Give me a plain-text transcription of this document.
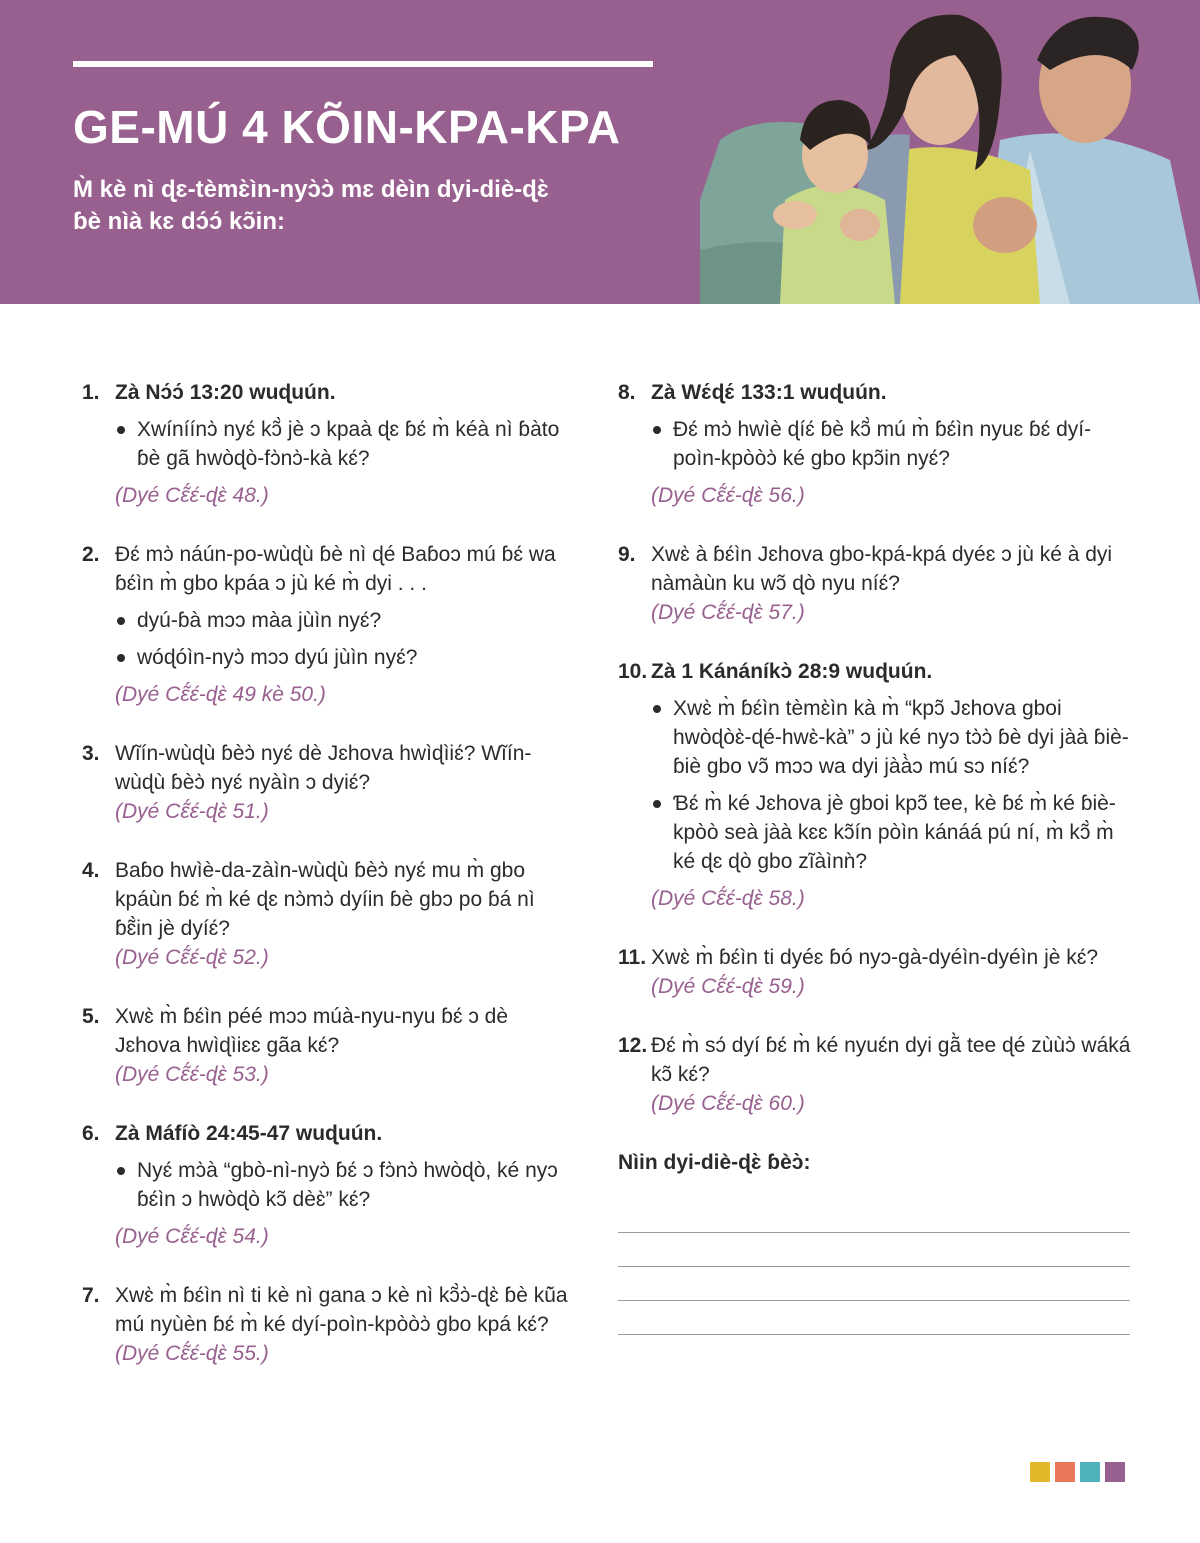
GE-MÚ 4 KÕIN-KPA-KPA

M̀ kè nì ɖɛ-tèmɛ̀ìn-nyɔ̀ɔ̀ mɛ dèìn dyi-diè-ɖɛ̀
ɓè nìà kɛ dɔ́ɔ́ kɔ̃in:

1. Zà Nɔ́ɔ́ 13:20 wuɖuún.

Xwíníínɔ̀ nyɛ́ kɔ̃̀ jè ɔ kpaà ɖɛ ɓɛ́ m̀ kéà nì ɓàto ɓè gã hwòɖò-fɔ̀nɔ̀-kà kɛ́?

(Dyé Cɛ̃́ɛ́-ɖɛ̀ 48.)

2. Ɖɛ́ mɔ̀ náún-po-wùɖù ɓè nì ɖé Baɓoɔ mú ɓɛ́ wa ɓɛ́ìn m̀ gbo kpáa ɔ jù ké m̀ dyi . . .

dyú-ɓà mɔɔ màa jùìn nyɛ́?
wóɖóìn-nyɔ̀ mɔɔ dyú jùìn nyɛ́?

(Dyé Cɛ̃́ɛ́-ɖɛ̀ 49 kè 50.)

3. Wĩín-wùɖù ɓèɔ̀ nyɛ́ dè Jɛhova hwìɖìiɛ́? Wĩín-wùɖù ɓèɔ̀ nyɛ́ nyàìn ɔ dyiɛ́?

(Dyé Cɛ̃́ɛ́-ɖɛ̀ 51.)

4. Baɓo hwìè-da-zàìn-wùɖù ɓèɔ̀ nyɛ́ mu m̀ gbo kpáùn ɓɛ́ m̀ ké ɖɛ nɔ̀mɔ̀ dyíin ɓè gbɔ po ɓá nì ɓɛ̃̀in jè dyíɛ́?

(Dyé Cɛ̃́ɛ́-ɖɛ̀ 52.)

5. Xwɛ̀ m̀ ɓɛ́ìn péé mɔɔ múà-nyu-nyu ɓɛ́ ɔ dè Jɛhova hwìɖìiɛɛ gãa kɛ́?

(Dyé Cɛ̃́ɛ́-ɖɛ̀ 53.)

6. Zà Máfíò 24:45-47 wuɖuún.

Nyɛ́ mɔ̀à “gbò-nì-nyɔ̀ ɓɛ́ ɔ fɔ̀nɔ̀ hwòɖò, ké nyɔ ɓɛ́ìn ɔ hwòɖò kɔ̃ dèɛ̀” kɛ́?

(Dyé Cɛ̃́ɛ́-ɖɛ̀ 54.)

7. Xwɛ̀ m̀ ɓɛ́ìn nì ti kè nì gana ɔ kè nì kɔ̃̀ɔ̀-ɖɛ̀ ɓè kũ̀a mú nyùèn ɓɛ́ m̀ ké dyí-poìn-kpòòɔ̀ gbo kpá kɛ́?

(Dyé Cɛ̃́ɛ́-ɖɛ̀ 55.)

8. Zà Wɛ́ɖɛ́ 133:1 wuɖuún.

Ɖɛ́ mɔ̀ hwìè ɖíɛ́ ɓè kɔ̃̀ mú m̀ ɓɛ́ìn nyuɛ ɓɛ́ dyí-poìn-kpòòɔ̀ ké gbo kpɔ̃in nyɛ́?

(Dyé Cɛ̃́ɛ́-ɖɛ̀ 56.)

9. Xwɛ̀ à ɓɛ́ìn Jɛhova gbo-kpá-kpá dyéɛ ɔ jù ké à dyi nàmàùn ku wɔ̃ ɖò nyu níɛ́?

(Dyé Cɛ̃́ɛ́-ɖɛ̀ 57.)

10. Zà 1 Kánáníkɔ̀ 28:9 wuɖuún.

Xwɛ̀ m̀ ɓɛ́ìn tèmɛ̀ìn kà m̀ “kpɔ̃ Jɛhova gboi hwòɖòɛ̀-ɖé-hwɛ̀-kà” ɔ jù ké nyɔ tɔ̀ɔ̀ ɓè dyi jàà ɓiè-ɓiè gbo vɔ̃ mɔɔ wa dyi jàà̀ɔ mú sɔ níɛ́?
Ɓɛ́ m̀ ké Jɛhova jè gboi kpɔ̃ tee, kè ɓɛ́ m̀ ké ɓiè-kpòò seà jàà kɛɛ kɔ̃ín pòìn kánáá pú ní, m̀ kɔ̃̀ m̀ ké ɖɛ ɖò gbo zĩàìnǹ?

(Dyé Cɛ̃́ɛ́-ɖɛ̀ 58.)

11. Xwɛ̀ m̀ ɓɛ́ìn ti dyéɛ ɓó nyɔ-gà-dyéìn-dyéìn jè kɛ́?

(Dyé Cɛ̃́ɛ́-ɖɛ̀ 59.)

12. Ɖɛ́ m̀ sɔ́ dyí ɓɛ́ m̀ ké nyuɛ́n dyi gã̀ tee ɖé zùùɔ̀ wáká kɔ̃ kɛ́?

(Dyé Cɛ̃́ɛ́-ɖɛ̀ 60.)

Nìin dyi-diè-ɖɛ̀ ɓèɔ̀:
